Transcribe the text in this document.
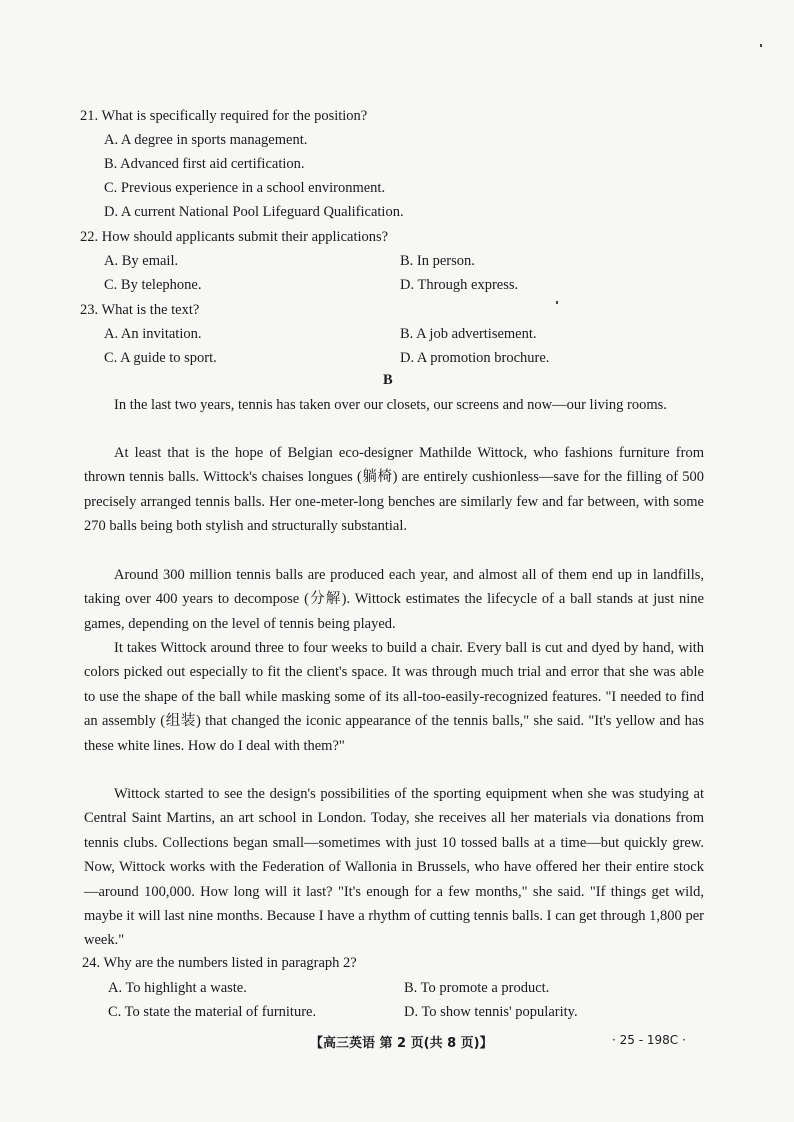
21. What is specifically required for the position?
A. A degree in sports management.
B. Advanced first aid certification.
C. Previous experience in a school environment.
D. A current National Pool Lifeguard Qualification.
22. How should applicants submit their applications?
A. By email.	B. In person.
C. By telephone.	D. Through express.
23. What is the text?
A. An invitation.	B. A job advertisement.
C. A guide to sport.	D. A promotion brochure.
B
In the last two years, tennis has taken over our closets, our screens and now—our living rooms.
At least that is the hope of Belgian eco-designer Mathilde Wittock, who fashions furniture from thrown tennis balls. Wittock's chaises longues (躺椅) are entirely cushionless—save for the filling of 500 precisely arranged tennis balls. Her one-meter-long benches are similarly few and far between, with some 270 balls being both stylish and structurally substantial.
Around 300 million tennis balls are produced each year, and almost all of them end up in landfills, taking over 400 years to decompose (分解). Wittock estimates the lifecycle of a ball stands at just nine games, depending on the level of tennis being played.
It takes Wittock around three to four weeks to build a chair. Every ball is cut and dyed by hand, with colors picked out especially to fit the client's space. It was through much trial and error that she was able to use the shape of the ball while masking some of its all-too-easily-recognized features. "I needed to find an assembly (组装) that changed the iconic appearance of the tennis balls," she said. "It's yellow and has these white lines. How do I deal with them?"
Wittock started to see the design's possibilities of the sporting equipment when she was studying at Central Saint Martins, an art school in London. Today, she receives all her materials via donations from tennis clubs. Collections began small—sometimes with just 10 tossed balls at a time—but quickly grew. Now, Wittock works with the Federation of Wallonia in Brussels, who have offered her their entire stock—around 100,000. How long will it last? "It's enough for a few months," she said. "If things get wild, maybe it will last nine months. Because I have a rhythm of cutting tennis balls. I can get through 1,800 per week."
24. Why are the numbers listed in paragraph 2?
A. To highlight a waste.	B. To promote a product.
C. To state the material of furniture.	D. To show tennis' popularity.
【高三英语 第 2 页(共 8 页)】	· 25 - 198C ·
